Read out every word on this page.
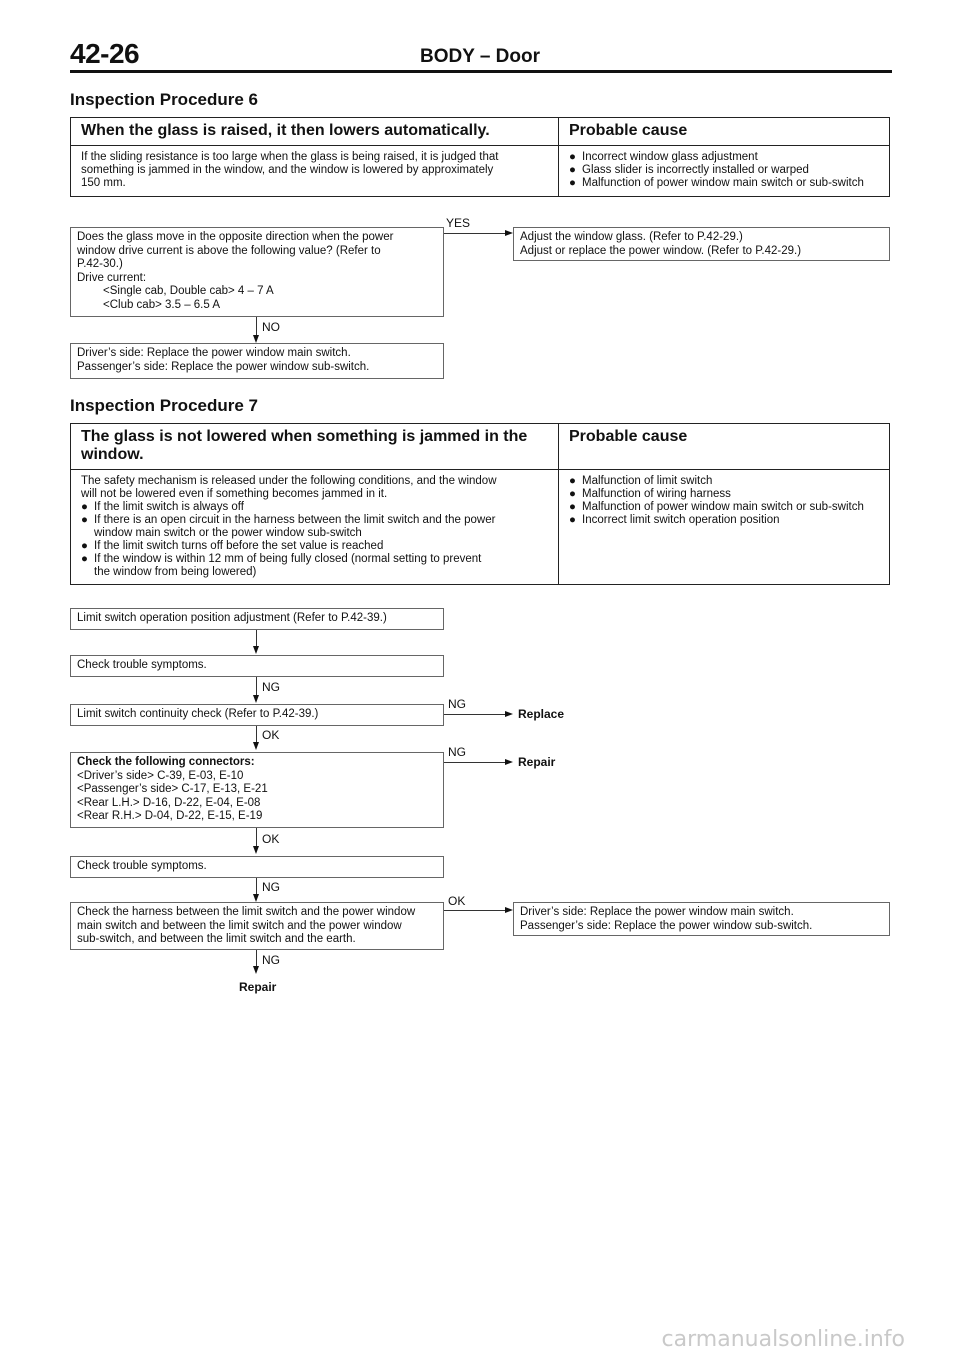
42-26	BODY – Door
Inspection Procedure 6
When the glass is raised, it then lowers automatically.	Probable cause
If the sliding resistance is too large when the glass is being raised, it is judged that
something is jammed in the window, and the window is lowered by approximately
150 mm.
● Incorrect window glass adjustment
● Glass slider is incorrectly installed or warped
● Malfunction of power window main switch or sub-switch
YES
Does the glass move in the opposite direction when the power
window drive current is above the following value? (Refer to
P.42-30.)
Drive current:
<Single cab, Double cab> 4 – 7 A
<Club cab> 3.5 – 6.5 A
Adjust the window glass. (Refer to P.42-29.)
Adjust or replace the power window. (Refer to P.42-29.)
NO
Driver’s side: Replace the power window main switch.
Passenger’s side: Replace the power window sub-switch.
Inspection Procedure 7
The glass is not lowered when something is jammed in the
window.
Probable cause
The safety mechanism is released under the following conditions, and the window
will not be lowered even if something becomes jammed in it.
● If the limit switch is always off
● If there is an open circuit in the harness between the limit switch and the power
window main switch or the power window sub-switch
● If the limit switch turns off before the set value is reached
● If the window is within 12 mm of being fully closed (normal setting to prevent
the window from being lowered)
● Malfunction of limit switch
● Malfunction of wiring harness
● Malfunction of power window main switch or sub-switch
● Incorrect limit switch operation position
Limit switch operation position adjustment (Refer to P.42-39.)
Check trouble symptoms.
NG
Limit switch continuity check (Refer to P.42-39.)
NG
Replace
OK
Check the following connectors:
<Driver’s side> C-39, E-03, E-10
<Passenger’s side> C-17, E-13, E-21
<Rear L.H.> D-16, D-22, E-04, E-08
<Rear R.H.> D-04, D-22, E-15, E-19
NG
Repair
OK
Check trouble symptoms.
NG
Check the harness between the limit switch and the power window
main switch and between the limit switch and the power window
sub-switch, and between the limit switch and the earth.
OK
Driver’s side: Replace the power window main switch.
Passenger’s side: Replace the power window sub-switch.
NG
Repair
carmanualsonline.info
